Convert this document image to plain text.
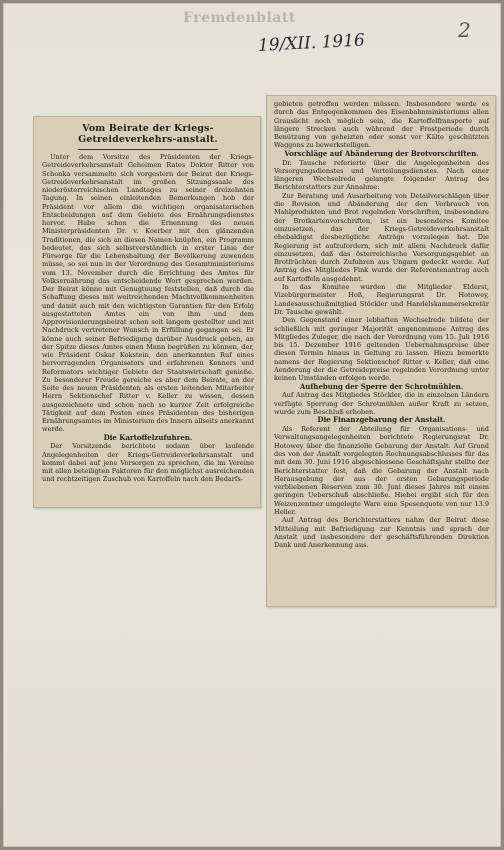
Fremdenblatt
19/XII. 1916
2
Vom Beirate der Kriegs-Getreideverkehrs-anstalt.

Unter dem Vorsitze des Präsidenten der Kriegs-Getreideverkehrsanstalt Geheimen Rates Doktor Ritter von Schonka versammelte sich vorgestern der Beirat der Kriegs-Getreideverkehrsanstalt im großen Sitzungssaale des niederösterreichischen Landtages zu seiner dreizehnten Tagung. In seinen einleitenden Bemerkungen hob der Präsident vor allem die wichtigen organisatorischen Entscheidungen auf dem Gebiete des Ernährungsdienstes hervor. Habe schon die Ernennung des neuen Ministerpräsidenten Dr. v. Koerber mit den glänzenden Traditionen, die sich an diesen Namen knüpfen, ein Programm bedeutet, das sich selbstverständlich in erster Linie der Fürsorge für die Lebenshaltung der Bevölkerung zuwenden müsse, so sei nun in der Verordnung des Gesamtministeriums vom 13. November durch die Errichtung des Amtes für Volksernährung das entscheidende Wort gesprochen worden. Der Beirat könne mit Genugtuung feststellen, daß durch die Schaffung dieses mit weitreichenden Machtvollkommenheiten und damit auch mit den wichtigsten Garantien für den Erfolg ausgestatteten Amtes ein von ihm und dem Approvisionierungsbeirat schon seit langem gestellter und mit Nachdruck vertretener Wunsch in Erfüllung gegangen sei. Er könne auch seiner Befriedigung darüber Ausdruck geben, an der Spitze dieses Amtes einen Mann begrüßen zu können, der, wie Präsident Oskar Kokstein, den anerkannten Ruf eines hervorragenden Organisators und erfahrenen Kenners und Reformators wichtiger Gebiete der Staatswirtschaft genieße. Zu besonderer Freude gereiche es aber dem Beirate, an der Seite des neuen Präsidenten als ersten leitenden Mitarbeiter Herrn Sektionschef Ritter v. Keller zu wissen, dessen ausgezeichnete und schon nach so kurzer Zeit erfolgreiche Tätigkeit auf dem Posten eines Präsidenten des bisherigen Ernährungsamtes im Ministerium des Innern allseits anerkannt werde.

Die Kartoffelzufuhren.

Der Vorsitzende berichtete sodann über laufende Angelegenheiten der Kriegs-Getreideverkehrsanstalt und kommt dabei auf jene Vorsorgen zu sprechen, die im Vereine mit allen beteiligten Faktoren für den möglichst ausreichenden und rechtzeitigen Zuschub von Kartoffeln nach den Bedarfs-

gebieten getroffen werden müssen. Insbesondere werde es durch das Entgegenkommen des Eisenbahnministeriums allen Grauslicht noch möglich sein, die Kartoffelfransporte auf längere Strecken auch während der Frostperiode durch Benützung von geheizten oder sonst vor Kälte geschützten Waggons zu bewerkstelligen.

Vorschläge auf Abänderung der Brotvorschriften.

Dr. Tausche referierte über die Angelegenheiten des Versorgungsdienstes und Verteilungsdienstes. Nach einer längeren Wechselrede gelangte folgender Antrag des Berichterstatters zur Annahme:

Zur Beratung und Ausarbeitung von Detailvorschlägen über die Revision und Abänderung der den Verbrauch von Mahlprodukten und Brot regelnden Vorschriften, insbesondere der Brotkartenvorschriften, ist ein besonderes Komitee einzusetzen, das der Kriegs-Getreideverkehrsanstalt ehebaldigst diesbezügliche Anträge vorzulegen hat. Die Regierung ist aufzufordern, sich mit allem Nachdruck dafür einzusetzen, daß das österreichische Versorgungsgebiet an Brotfrüchten durch Zufuhren aus Ungarn gedeckt werde. Auf Antrag des Mitgliedes Fink wurde der Referentenantrag auch auf Kartoffeln ausgedehnt.

In das Komitee wurden die Mitglieder Elderst, Vizebürgermeister Hoß, Regierungsrat Dr. Hotowey, Landesausschußmitglied Stöckler und Handelskammersekretär Dr. Tausche gewählt.

Den Gegenstand einer lebhaften Wechselrede bildete der schließlich mit geringer Majorität angenommene Antrag des Mitgliedes Zuleger, die nach der Verordnung vom 15. Juli 1916 bis 15. Dezember 1916 geltenden Uebernahmspreise über diesen Termin hinaus in Geltung zu lassen. Hiezu bemerkte namens der Regierung Sektionschef Ritter v. Keller, daß eine Aenderung der die Getreidepreise regelnden Verordnung unter keinen Umständen erfolgen werde.

Aufhebung der Sperre der Schrotmühlen.

Auf Antrag des Mitgliedes Stöckler, die in einzelnen Ländern verfügte Sperrung der Schrotmühlen außer Kraft zu setzen, wurde zum Beschluß erhoben.

Die Finanzgebarung der Anstalt.

Als Referent der Abteilung für Organisations- und Verwaltungsangelegenheiten berichtete Regierungsrat Dr. Hotowey über die finanzielle Gebarung der Anstalt. Auf Grund des von der Anstalt vorgelegten Rechnungsabschlusses für das mit dem 30. Juni 1916 abgeschlossene Geschäftsjahr stellte der Berichterstatter fest, daß die Gebarung der Anstalt nach Herausgebung der aus der ersten Gebarungsperiode verbliebenen Reserven zum 30. Juni dieses Jahres mit einem geringen Ueberschuß abschließe. Hiebei ergibt sich für den Weizenzentner umgelegte Ware eine Spesenquote von nur 13.9 Heller.

Auf Antrag des Berichterstatters nahm der Beirat diese Mitteilung mit Befriedigung zur Kenntnis und sprach der Anstalt und insbesondere der geschäftsführenden Direktion Dank und Anerkennung aus.
